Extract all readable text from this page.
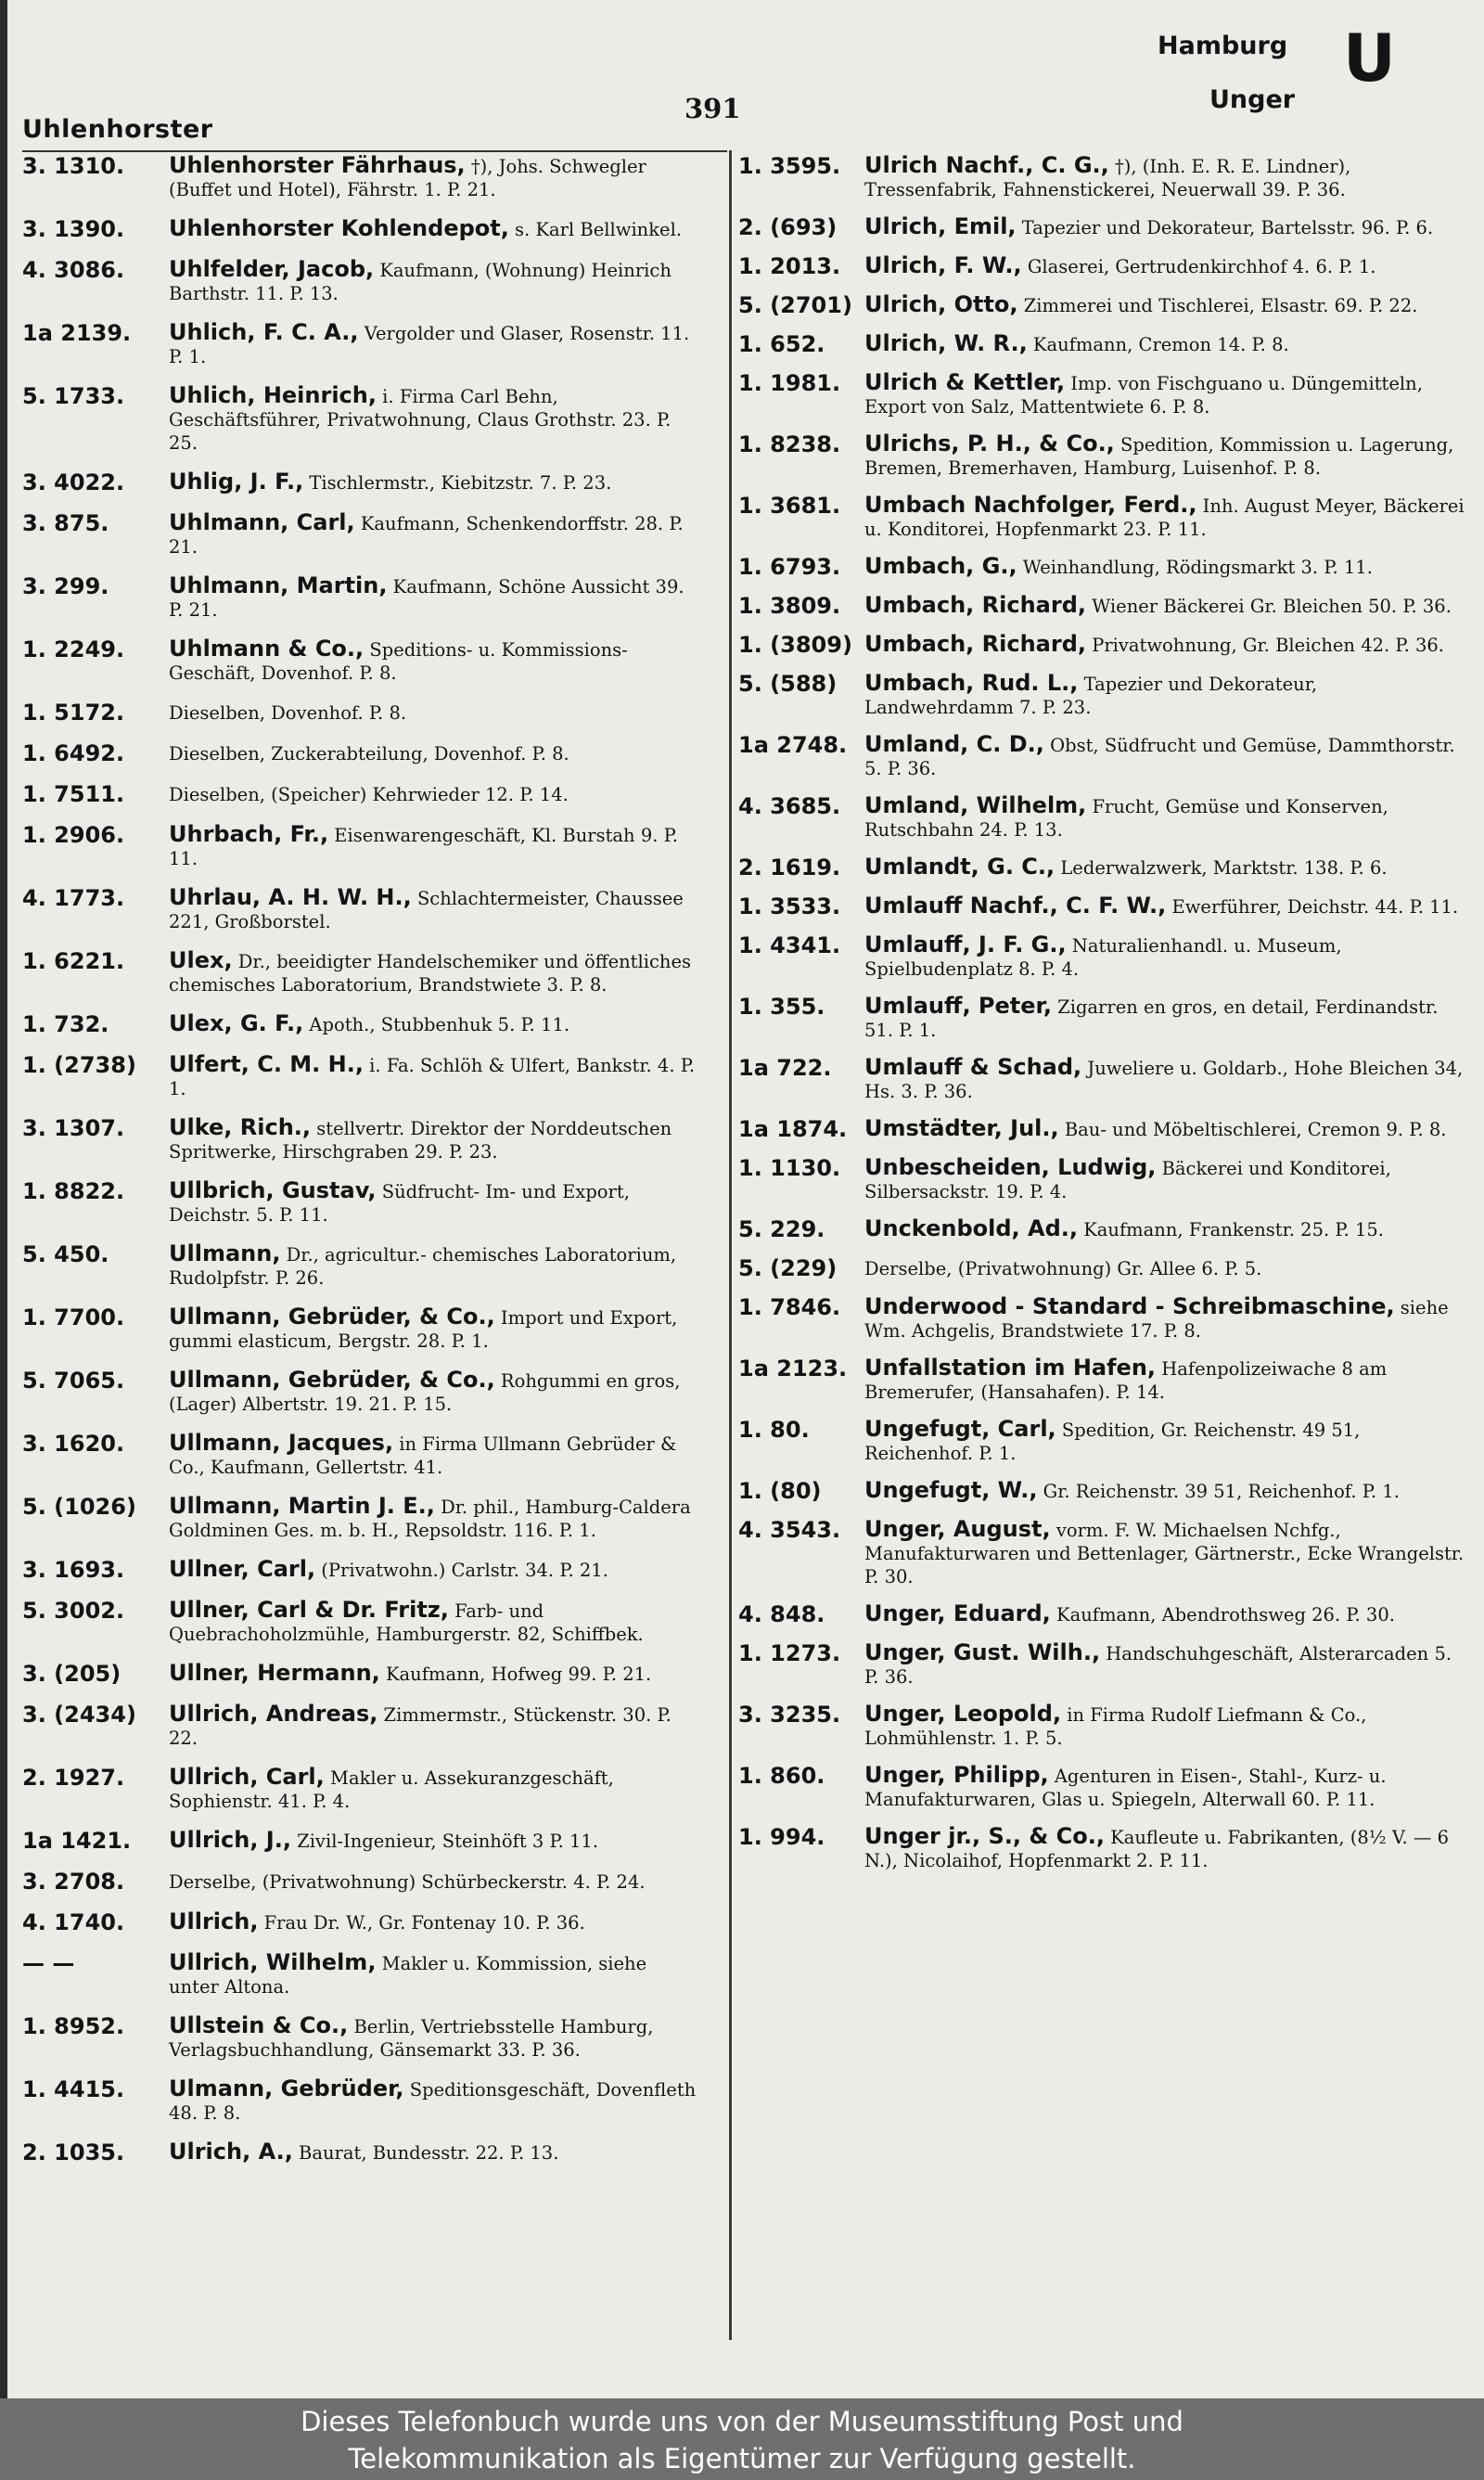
Uhlenhorster
391
Hamburg
Unger
U
3. 1310.	Uhlenhorster Fährhaus, †), Johs. Schwegler (Buffet und Hotel), Fährstr. 1. P. 21.
3. 1390.	Uhlenhorster Kohlendepot, s. Karl Bellwinkel.
4. 3086.	Uhlfelder, Jacob, Kaufmann, (Wohnung) Heinrich Barthstr. 11. P. 13.
1a 2139.	Uhlich, F. C. A., Vergolder und Glaser, Rosenstr. 11. P. 1.
5. 1733.	Uhlich, Heinrich, i. Firma Carl Behn, Geschäftsführer, Privatwohnung, Claus Grothstr. 23. P. 25.
3. 4022.	Uhlig, J. F., Tischlermstr., Kiebitzstr. 7. P. 23.
3. 875.	Uhlmann, Carl, Kaufmann, Schenkendorffstr. 28. P. 21.
3. 299.	Uhlmann, Martin, Kaufmann, Schöne Aussicht 39. P. 21.
1. 2249.	Uhlmann & Co., Speditions- u. Kommissions-Geschäft, Dovenhof. P. 8.
1. 5172.	Dieselben, Dovenhof. P. 8.
1. 6492.	Dieselben, Zuckerabteilung, Dovenhof. P. 8.
1. 7511.	Dieselben, (Speicher) Kehrwieder 12. P. 14.
1. 2906.	Uhrbach, Fr., Eisenwarengeschäft, Kl. Burstah 9. P. 11.
4. 1773.	Uhrlau, A. H. W. H., Schlachtermeister, Chaussee 221, Großborstel.
1. 6221.	Ulex, Dr., beeidigter Handelschemiker und öffentliches chemisches Laboratorium, Brandstwiete 3. P. 8.
1. 732.	Ulex, G. F., Apoth., Stubbenhuk 5. P. 11.
1. (2738)	Ulfert, C. M. H., i. Fa. Schlöh & Ulfert, Bankstr. 4. P. 1.
3. 1307.	Ulke, Rich., stellvertr. Direktor der Norddeutschen Spritwerke, Hirschgraben 29. P. 23.
1. 8822.	Ullbrich, Gustav, Südfrucht- Im- und Export, Deichstr. 5. P. 11.
5. 450.	Ullmann, Dr., agricultur.- chemisches Laboratorium, Rudolpfstr. P. 26.
1. 7700.	Ullmann, Gebrüder, & Co., Import und Export, gummi elasticum, Bergstr. 28. P. 1.
5. 7065.	Ullmann, Gebrüder, & Co., Rohgummi en gros, (Lager) Albertstr. 19. 21. P. 15.
3. 1620.	Ullmann, Jacques, in Firma Ullmann Gebrüder & Co., Kaufmann, Gellertstr. 41.
5. (1026)	Ullmann, Martin J. E., Dr. phil., Hamburg-Caldera Goldminen Ges. m. b. H., Repsoldstr. 116. P. 1.
3. 1693.	Ullner, Carl, (Privatwohn.) Carlstr. 34. P. 21.
5. 3002.	Ullner, Carl & Dr. Fritz, Farb- und Quebrachoholzmühle, Hamburgerstr. 82, Schiffbek.
3. (205)	Ullner, Hermann, Kaufmann, Hofweg 99. P. 21.
3. (2434)	Ullrich, Andreas, Zimmermstr., Stückenstr. 30. P. 22.
2. 1927.	Ullrich, Carl, Makler u. Assekuranzgeschäft, Sophienstr. 41. P. 4.
1a 1421.	Ullrich, J., Zivil-Ingenieur, Steinhöft 3 P. 11.
3. 2708.	Derselbe, (Privatwohnung) Schürbeckerstr. 4. P. 24.
4. 1740.	Ullrich, Frau Dr. W., Gr. Fontenay 10. P. 36.
— —	Ullrich, Wilhelm, Makler u. Kommission, siehe unter Altona.
1. 8952.	Ullstein & Co., Berlin, Vertriebsstelle Hamburg, Verlagsbuchhandlung, Gänsemarkt 33. P. 36.
1. 4415.	Ulmann, Gebrüder, Speditionsgeschäft, Dovenfleth 48. P. 8.
2. 1035.	Ulrich, A., Baurat, Bundesstr. 22. P. 13.
1. 3595.	Ulrich Nachf., C. G., †), (Inh. E. R. E. Lindner), Tressenfabrik, Fahnenstickerei, Neuerwall 39. P. 36.
2. (693)	Ulrich, Emil, Tapezier und Dekorateur, Bartelsstr. 96. P. 6.
1. 2013.	Ulrich, F. W., Glaserei, Gertrudenkirchhof 4. 6. P. 1.
5. (2701) Ulrich, Otto, Zimmerei und Tischlerei, Elsastr. 69. P. 22.
1. 652.	Ulrich, W. R., Kaufmann, Cremon 14. P. 8.
1. 1981.	Ulrich & Kettler, Imp. von Fischguano u. Düngemitteln, Export von Salz, Mattentwiete 6. P. 8.
1. 8238.	Ulrichs, P. H., & Co., Spedition, Kommission u. Lagerung, Bremen, Bremerhaven, Hamburg, Luisenhof. P. 8.
1. 3681.	Umbach Nachfolger, Ferd., Inh. August Meyer, Bäckerei u. Konditorei, Hopfenmarkt 23. P. 11.
1. 6793.	Umbach, G., Weinhandlung, Rödingsmarkt 3. P. 11.
1. 3809.	Umbach, Richard, Wiener Bäckerei Gr. Bleichen 50. P. 36.
1. (3809) Umbach, Richard, Privatwohnung, Gr. Bleichen 42. P. 36.
5. (588)	Umbach, Rud. L., Tapezier und Dekorateur, Landwehrdamm 7. P. 23.
1a 2748. Umland, C. D., Obst, Südfrucht und Gemüse, Dammthorstr. 5. P. 36.
4. 3685.	Umland, Wilhelm, Frucht, Gemüse und Konserven, Rutschbahn 24. P. 13.
2. 1619.	Umlandt, G. C., Lederwalzwerk, Marktstr. 138. P. 6.
1. 3533.	Umlauff Nachf., C. F. W., Ewerführer, Deichstr. 44. P. 11.
1. 4341.	Umlauff, J. F. G., Naturalienhandl. u. Museum, Spielbudenplatz 8. P. 4.
1. 355.	Umlauff, Peter, Zigarren en gros, en detail, Ferdinandstr. 51. P. 1.
1a 722.	Umlauff & Schad, Juweliere u. Goldarb., Hohe Bleichen 34, Hs. 3. P. 36.
1a 1874. Umstädter, Jul., Bau- und Möbeltischlerei, Cremon 9. P. 8.
1. 1130.	Unbescheiden, Ludwig, Bäckerei und Konditorei, Silbersackstr. 19. P. 4.
5. 229.	Unckenbold, Ad., Kaufmann, Frankenstr. 25. P. 15.
5. (229)	Derselbe, (Privatwohnung) Gr. Allee 6. P. 5.
1. 7846.	Underwood - Standard - Schreibmaschine, siehe Wm. Achgelis, Brandstwiete 17. P. 8.
1a 2123. Unfallstation im Hafen, Hafenpolizeiwache 8 am Bremerufer, (Hansahafen). P. 14.
1. 80.	Ungefugt, Carl, Spedition, Gr. Reichenstr. 49 51, Reichenhof. P. 1.
1. (80)	Ungefugt, W., Gr. Reichenstr. 39 51, Reichenhof. P. 1.
4. 3543.	Unger, August, vorm. F. W. Michaelsen Nchfg., Manufakturwaren und Bettenlager, Gärtnerstr., Ecke Wrangelstr. P. 30.
4. 848.	Unger, Eduard, Kaufmann, Abendrothsweg 26. P. 30.
1. 1273.	Unger, Gust. Wilh., Handschuhgeschäft, Alsterarcaden 5. P. 36.
3. 3235.	Unger, Leopold, in Firma Rudolf Liefmann & Co., Lohmühlenstr. 1. P. 5.
1. 860.	Unger, Philipp, Agenturen in Eisen-, Stahl-, Kurz- u. Manufakturwaren, Glas u. Spiegeln, Alterwall 60. P. 11.
1. 994.	Unger jr., S., & Co., Kaufleute u. Fabrikanten, (8½ V. — 6 N.), Nicolaihof, Hopfenmarkt 2. P. 11.
Dieses Telefonbuch wurde uns von der Museumsstiftung Post und
Telekommunikation als Eigentümer zur Verfügung gestellt.
